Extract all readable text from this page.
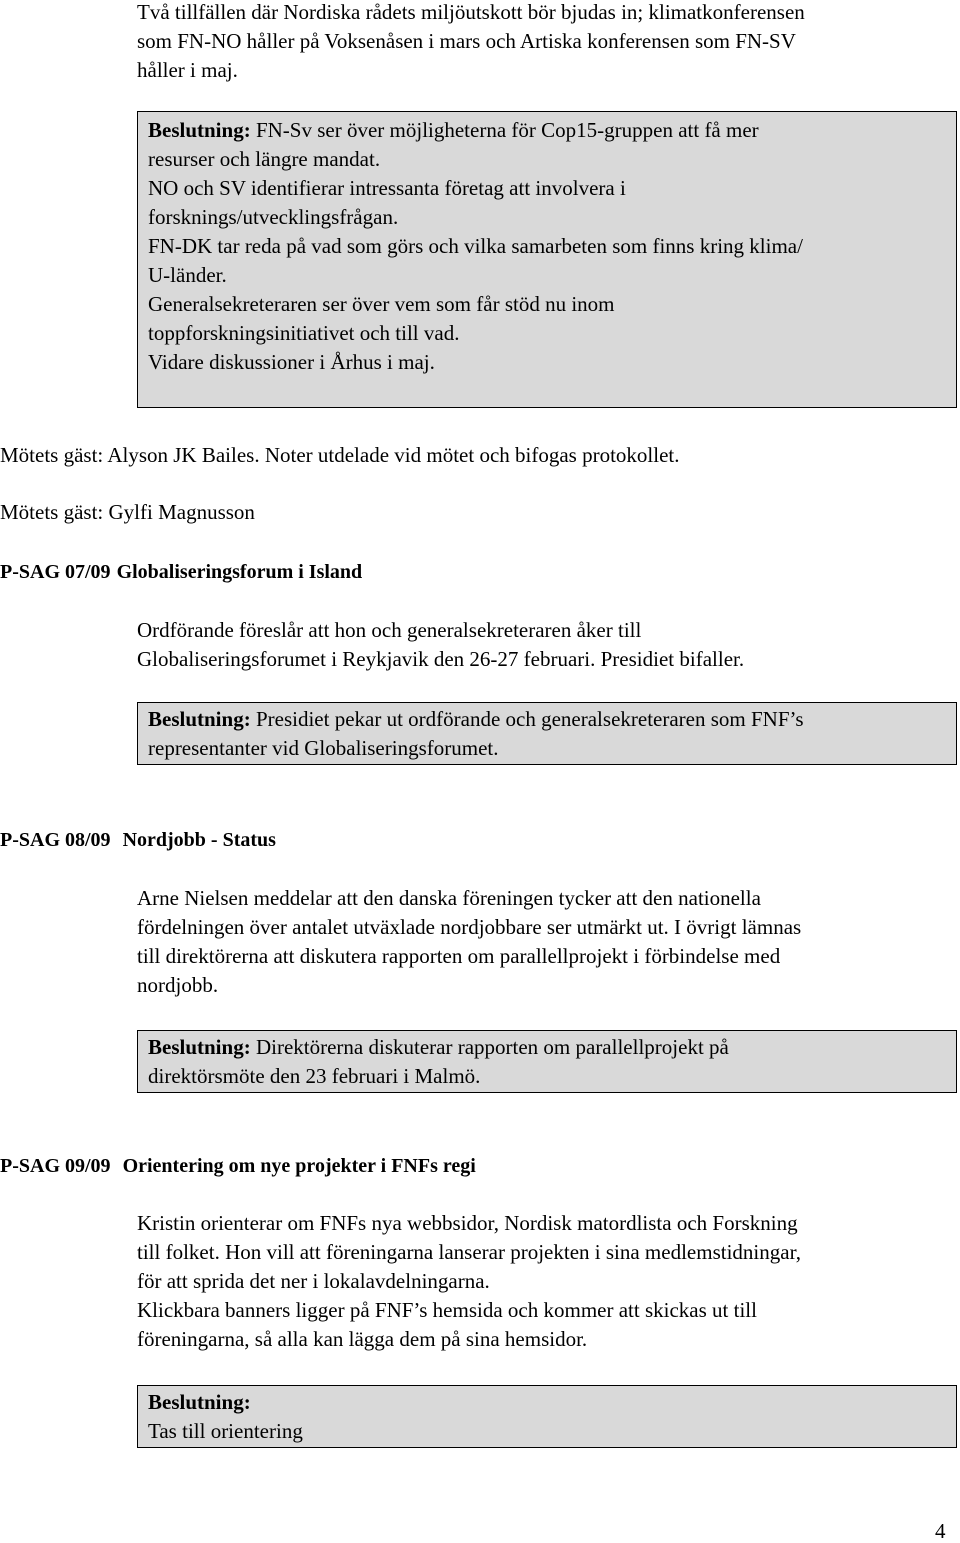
Två tillfällen där Nordiska rådets miljöutskott bör bjudas in; klimatkonferensen
som FN-NO håller på Voksenåsen i mars och Artiska konferensen som FN-SV
håller i maj.
Beslutning: FN-Sv ser över möjligheterna för Cop15-gruppen att få mer
resurser och längre mandat.
NO och SV identifierar intressanta företag att involvera i
forsknings/utvecklingsfrågan.
FN-DK tar reda på vad som görs och vilka samarbeten som finns kring klima/
U-länder.
Generalsekreteraren ser över vem som får stöd nu inom
toppforskningsinitiativet och till vad.
Vidare diskussioner i Århus i maj.
Mötets gäst: Alyson JK Bailes. Noter utdelade vid mötet och bifogas protokollet.
Mötets gäst: Gylfi Magnusson
P-SAG 07/09 Globaliseringsforum i Island
Ordförande föreslår att hon och generalsekreteraren åker till
Globaliseringsforumet i Reykjavik den 26-27 februari. Presidiet bifaller.
Beslutning: Presidiet pekar ut ordförande och generalsekreteraren som FNF’s
representanter vid Globaliseringsforumet.
P-SAG 08/09 Nordjobb - Status
Arne Nielsen meddelar att den danska föreningen tycker att den nationella
fördelningen över antalet utväxlade nordjobbare ser utmärkt ut. I övrigt lämnas
till direktörerna att diskutera rapporten om parallellprojekt i förbindelse med
nordjobb.
Beslutning: Direktörerna diskuterar rapporten om parallellprojekt på
direktörsmöte den 23 februari i Malmö.
P-SAG 09/09 Orientering om nye projekter i FNFs regi
Kristin orienterar om FNFs nya webbsidor, Nordisk matordlista och Forskning
till folket. Hon vill att föreningarna lanserar projekten i sina medlemstidningar,
för att sprida det ner i lokalavdelningarna.
Klickbara banners ligger på FNF’s hemsida och kommer att skickas ut till
föreningarna, så alla kan lägga dem på sina hemsidor.
Beslutning:
Tas till orientering
4
